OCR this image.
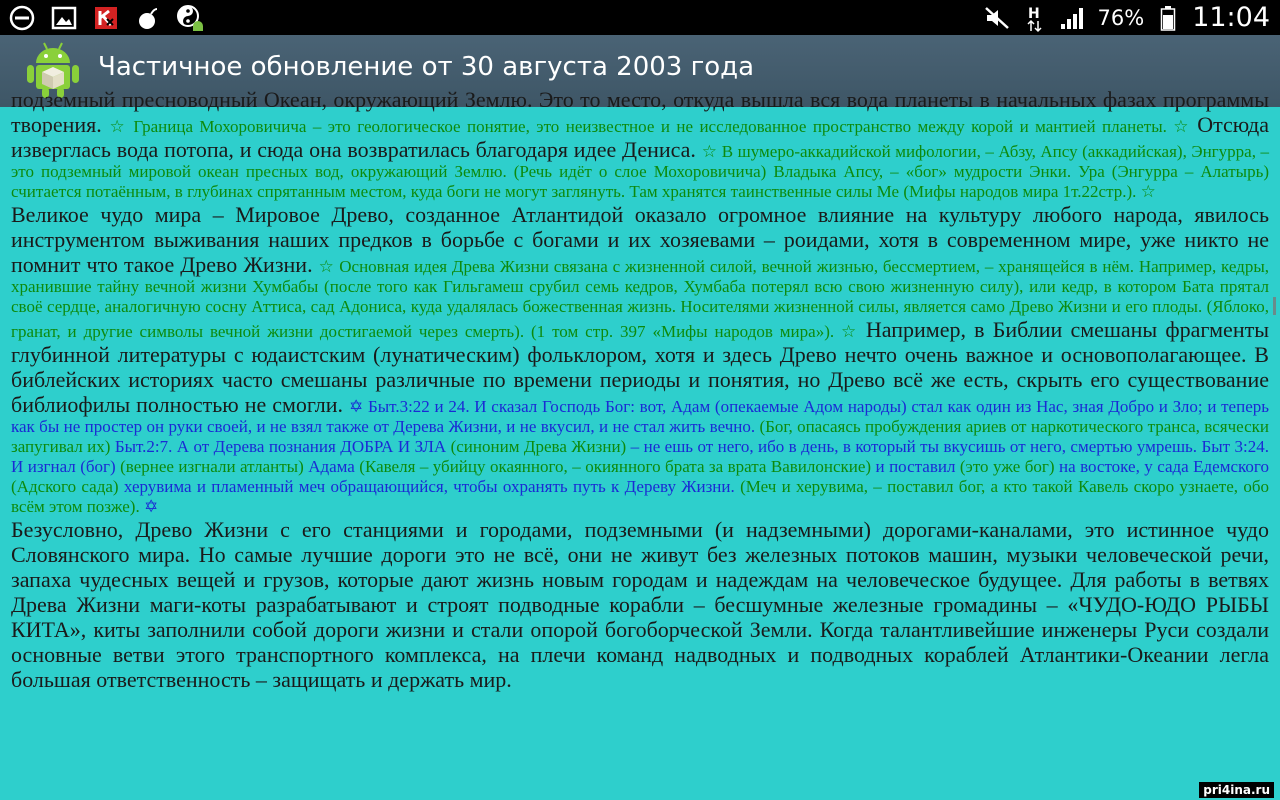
H	76% 11:04
Частичное обновление от 30 августа 2003 года

подземный пресноводный Океан, окружающий Землю. Это то место, откуда вышла вся вода планеты в начальных фазах программы творения. ☆ Граница Мохоровичича – это геологическое понятие, это неизвестное и не исследованное пространство между корой и мантией планеты. ☆ Отсюда изверглась вода потопа, и сюда она возвратилась благодаря идее Дениса. ☆ В шумеро-аккадийской мифологии, – Абзу, Апсу (аккадийская), Энгурра, – это подземный мировой океан пресных вод, окружающий Землю. (Речь идёт о слое Мохоровичича) Владыка Апсу, – «бог» мудрости Энки. Ура (Энгурра – Алатырь) считается потаённым, в глубинах спрятанным местом, куда боги не могут заглянуть. Там хранятся таинственные силы Ме (Мифы народов мира 1т.22стр.). ☆

Великое чудо мира – Мировое Древо, созданное Атлантидой оказало огромное влияние на культуру любого народа, явилось инструментом выживания наших предков в борьбе с богами и их хозяевами – роидами, хотя в современном мире, уже никто не помнит что такое Древо Жизни. ☆ Основная идея Древа Жизни связана с жизненной силой, вечной жизнью, бессмертием, – хранящейся в нём. Например, кедры, хранившие тайну вечной жизни Хумбабы (после того как Гильгамеш срубил семь кедров, Хумбаба потерял всю свою жизненную силу), или кедр, в котором Бата прятал своё сердце, аналогичную сосну Аттиса, сад Адониса, куда удалялась божественная жизнь. Носителями жизненной силы, является само Древо Жизни и его плоды. (Яблоко, гранат, и другие символы вечной жизни достигаемой через смерть). (1 том стр. 397 «Мифы народов мира»). ☆ Например, в Библии смешаны фрагменты глубинной литературы с юдаистским (лунатическим) фольклором, хотя и здесь Древо нечто очень важное и основополагающее. В библейских историях часто смешаны различные по времени периоды и понятия, но Древо всё же есть, скрыть его существование библиофилы полностью не смогли. ✡ Быт.3:22 и 24. И сказал Господь Бог: вот, Адам (опекаемые Адом народы) стал как один из Нас, зная Добро и Зло; и теперь как бы не простер он руки своей, и не взял также от Дерева Жизни, и не вкусил, и не стал жить вечно. (Бог, опасаясь пробуждения ариев от наркотического транса, всячески запугивал их) Быт.2:7. А от Дерева познания ДОБРА И ЗЛА (синоним Древа Жизни) – не ешь от него, ибо в день, в который ты вкусишь от него, смертью умрешь. Быт 3:24. И изгнал (бог) (вернее изгнали атланты) Адама (Кавеля – убийцу окаянного, – окиянного брата за врата Вавилонские) и поставил (это уже бог) на востоке, у сада Едемского (Адского сада) херувима и пламенный меч обращающийся, чтобы охранять путь к Дереву Жизни. (Меч и херувима, – поставил бог, а кто такой Кавель скоро узнаете, обо всём этом позже). ✡

Безусловно, Древо Жизни с его станциями и городами, подземными (и надземными) дорогами-каналами, это истинное чудо Словянского мира. Но самые лучшие дороги это не всё, они не живут без железных потоков машин, музыки человеческой речи, запаха чудесных вещей и грузов, которые дают жизнь новым городам и надеждам на человеческое будущее. Для работы в ветвях Древа Жизни маги-коты разрабатывают и строят подводные корабли – бесшумные железные громадины – «ЧУДО-ЮДО РЫБЫ КИТА», киты заполнили собой дороги жизни и стали опорой богоборческой Земли. Когда талантливейшие инженеры Руси создали основные ветви этого транспортного комплекса, на плечи команд надводных и подводных кораблей Атлантики-Океании легла большая ответственность – защищать и держать мир.

pri4ina.ru
